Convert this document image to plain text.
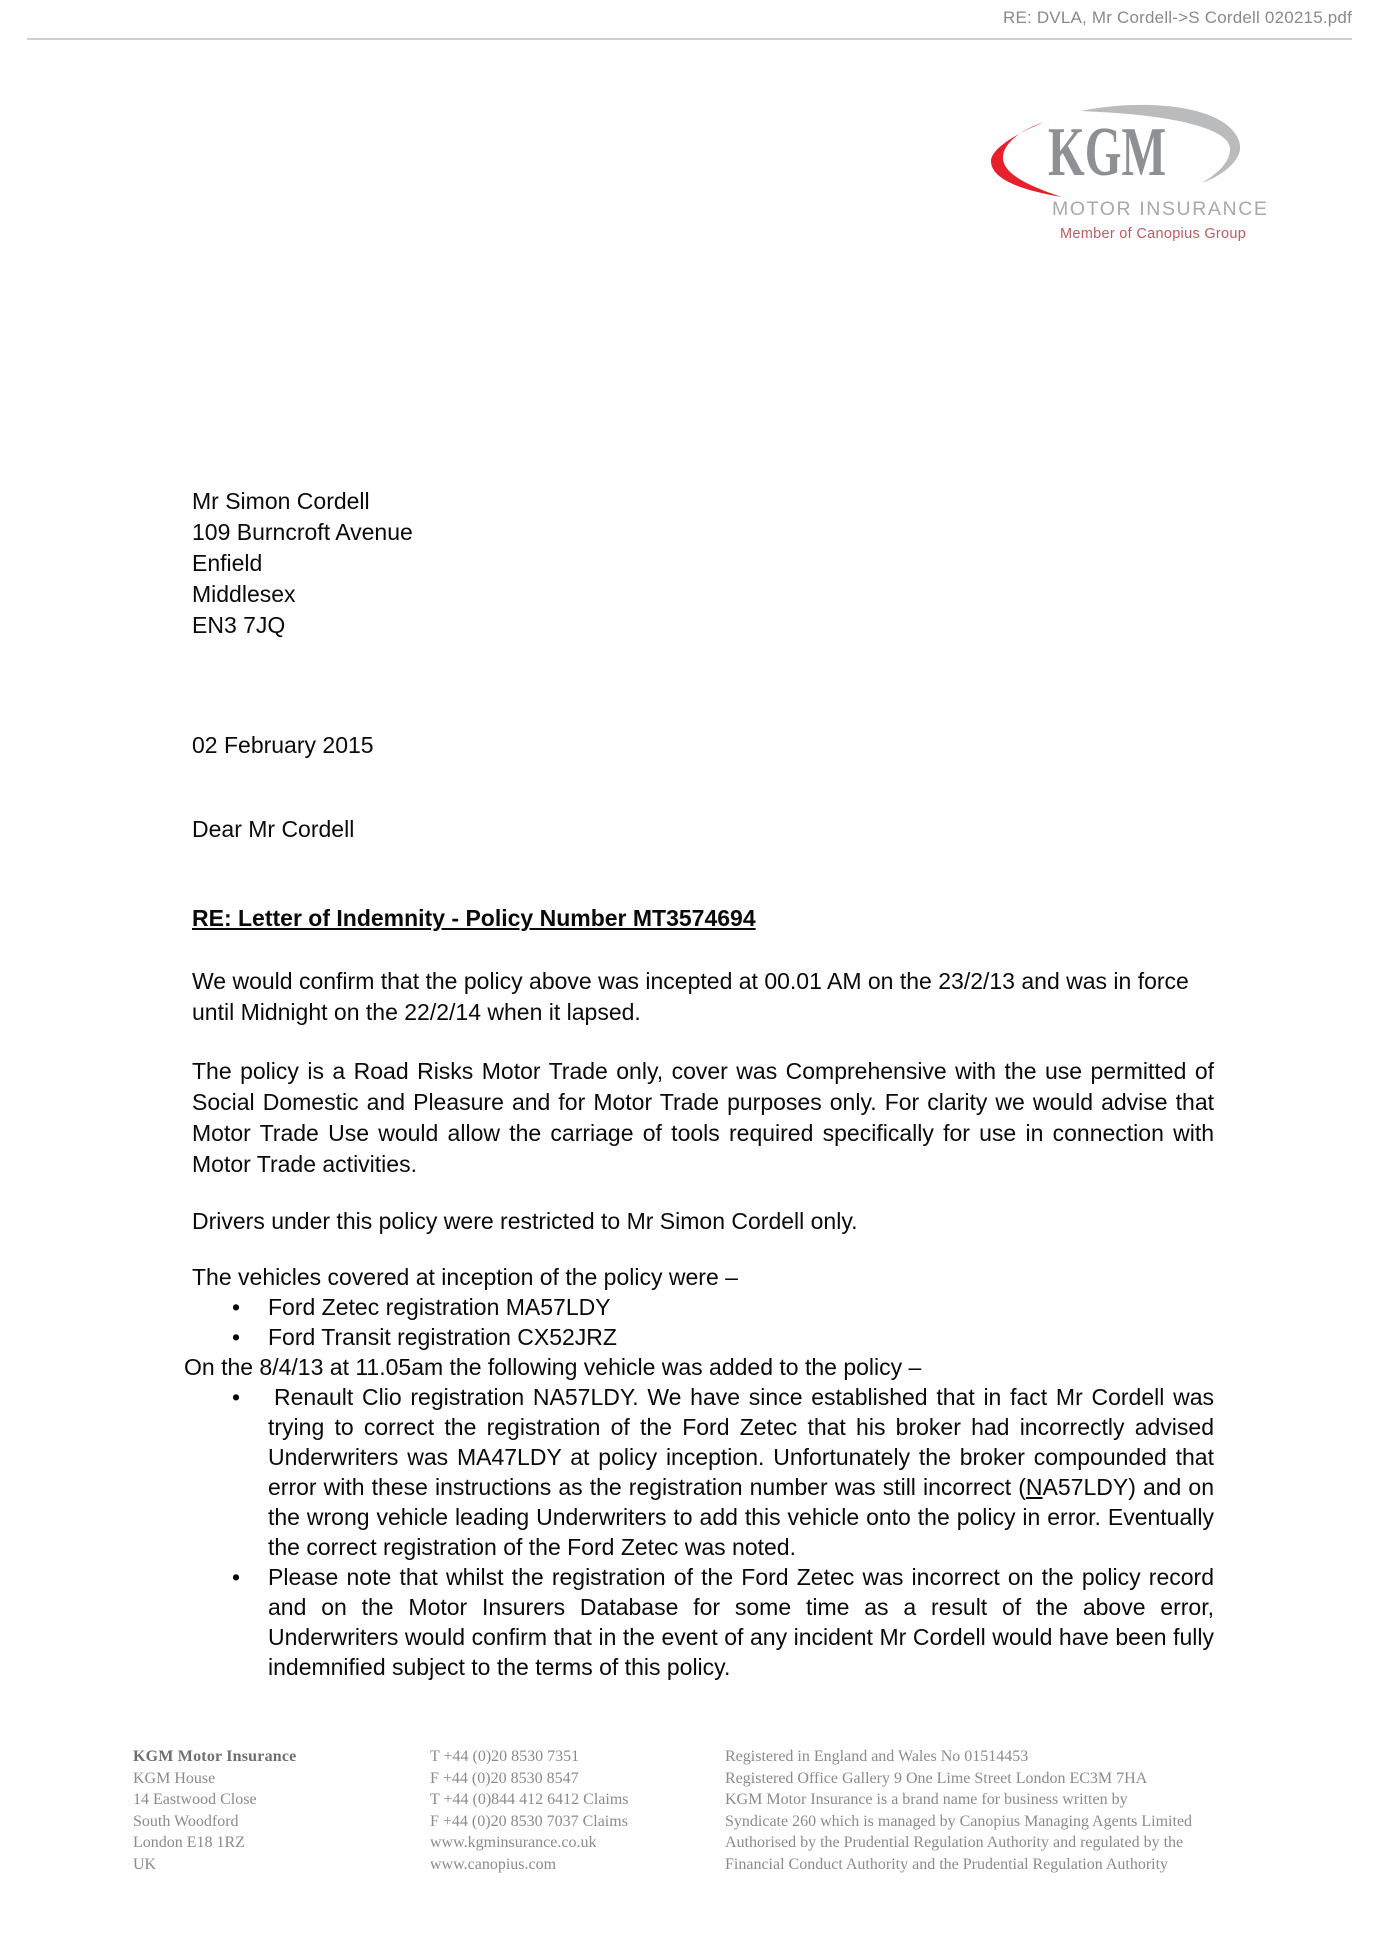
RE: DVLA, Mr Cordell->S Cordell 020215.pdf
KGM
MOTOR INSURANCE
Member of Canopius Group
Mr Simon Cordell
109 Burncroft Avenue
Enfield
Middlesex
EN3 7JQ
02 February 2015
Dear Mr Cordell
RE: Letter of Indemnity - Policy Number MT3574694

We would confirm that the policy above was incepted at 00.01 AM on the 23/2/13 and was in force until Midnight on the 22/2/14 when it lapsed.

The policy is a Road Risks Motor Trade only, cover was Comprehensive with the use permitted of Social Domestic and Pleasure and for Motor Trade purposes only. For clarity we would advise that Motor Trade Use would allow the carriage of tools required specifically for use in connection with Motor Trade activities.

Drivers under this policy were restricted to Mr Simon Cordell only.

The vehicles covered at inception of the policy were –
• Ford Zetec registration MA57LDY
• Ford Transit registration CX52JRZ
On the 8/4/13 at 11.05am the following vehicle was added to the policy –
• Renault Clio registration NA57LDY. We have since established that in fact Mr Cordell was trying to correct the registration of the Ford Zetec that his broker had incorrectly advised Underwriters was MA47LDY at policy inception. Unfortunately the broker compounded that error with these instructions as the registration number was still incorrect (NA57LDY) and on the wrong vehicle leading Underwriters to add this vehicle onto the policy in error. Eventually the correct registration of the Ford Zetec was noted.
• Please note that whilst the registration of the Ford Zetec was incorrect on the policy record and on the Motor Insurers Database for some time as a result of the above error, Underwriters would confirm that in the event of any incident Mr Cordell would have been fully indemnified subject to the terms of this policy.
KGM Motor Insurance
KGM House
14 Eastwood Close
South Woodford
London E18 1RZ
UK
T +44 (0)20 8530 7351
F +44 (0)20 8530 8547
T +44 (0)844 412 6412 Claims
F +44 (0)20 8530 7037 Claims
www.kgminsurance.co.uk
www.canopius.com
Registered in England and Wales No 01514453
Registered Office Gallery 9 One Lime Street London EC3M 7HA
KGM Motor Insurance is a brand name for business written by
Syndicate 260 which is managed by Canopius Managing Agents Limited
Authorised by the Prudential Regulation Authority and regulated by the
Financial Conduct Authority and the Prudential Regulation Authority
